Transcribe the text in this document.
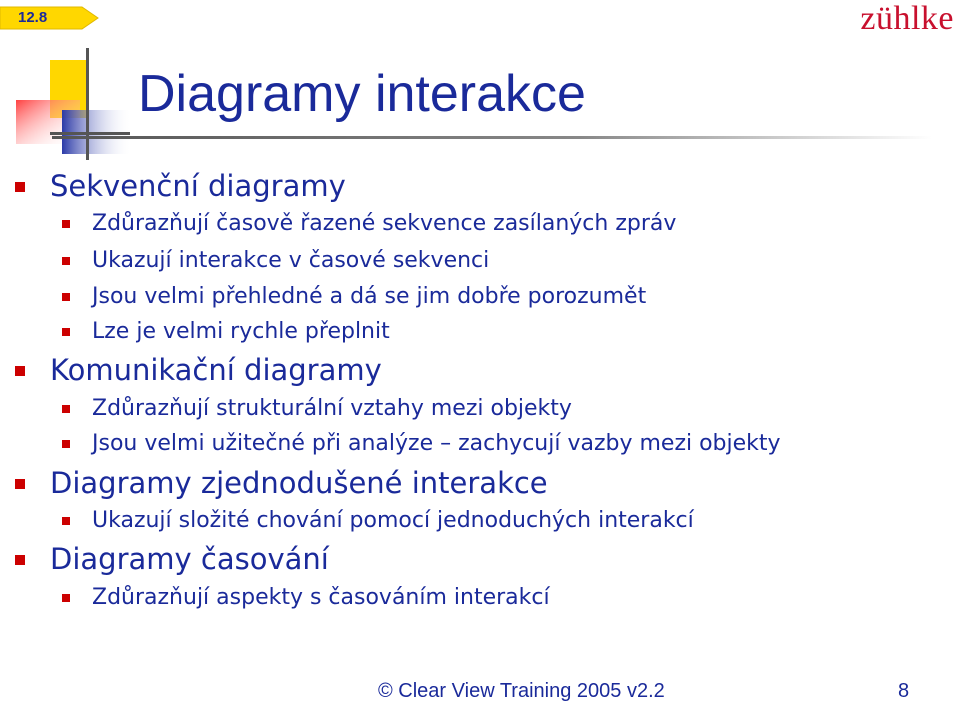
12.8	zühlke
Diagramy interakce
Sekvenční diagramy
Zdůrazňují časově řazené sekvence zasílaných zpráv
Ukazují interakce v časové sekvenci
Jsou velmi přehledné a dá se jim dobře porozumět
Lze je velmi rychle přeplnit
Komunikační diagramy
Zdůrazňují strukturální vztahy mezi objekty
Jsou velmi užitečné při analýze – zachycují vazby mezi objekty
Diagramy zjednodušené interakce
Ukazují složité chování pomocí jednoduchých interakcí
Diagramy časování
Zdůrazňují aspekty s časováním interakcí
© Clear View Training 2005 v2.2	8
